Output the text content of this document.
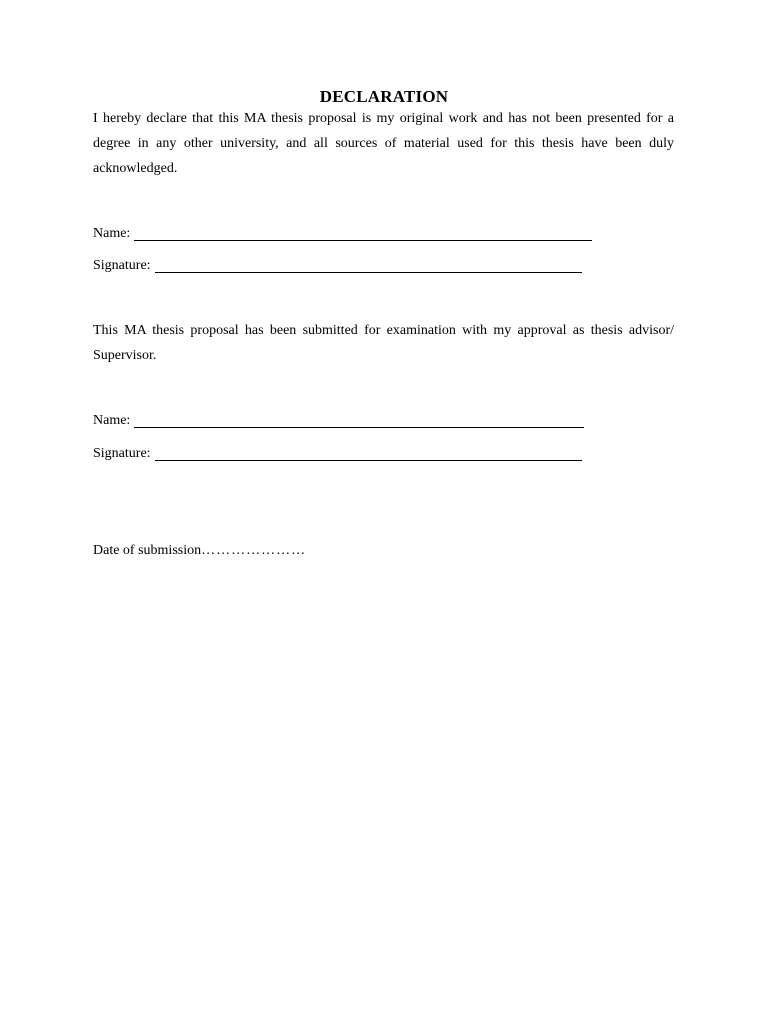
DECLARATION
I hereby declare that this MA thesis proposal is my original work and has not been presented for a degree in any other university, and all sources of material used for this thesis have been duly acknowledged.
Name:
Signature:
This MA thesis proposal has been submitted for examination with my approval as thesis advisor/ Supervisor.
Name:
Signature:
Date of submission…………………
